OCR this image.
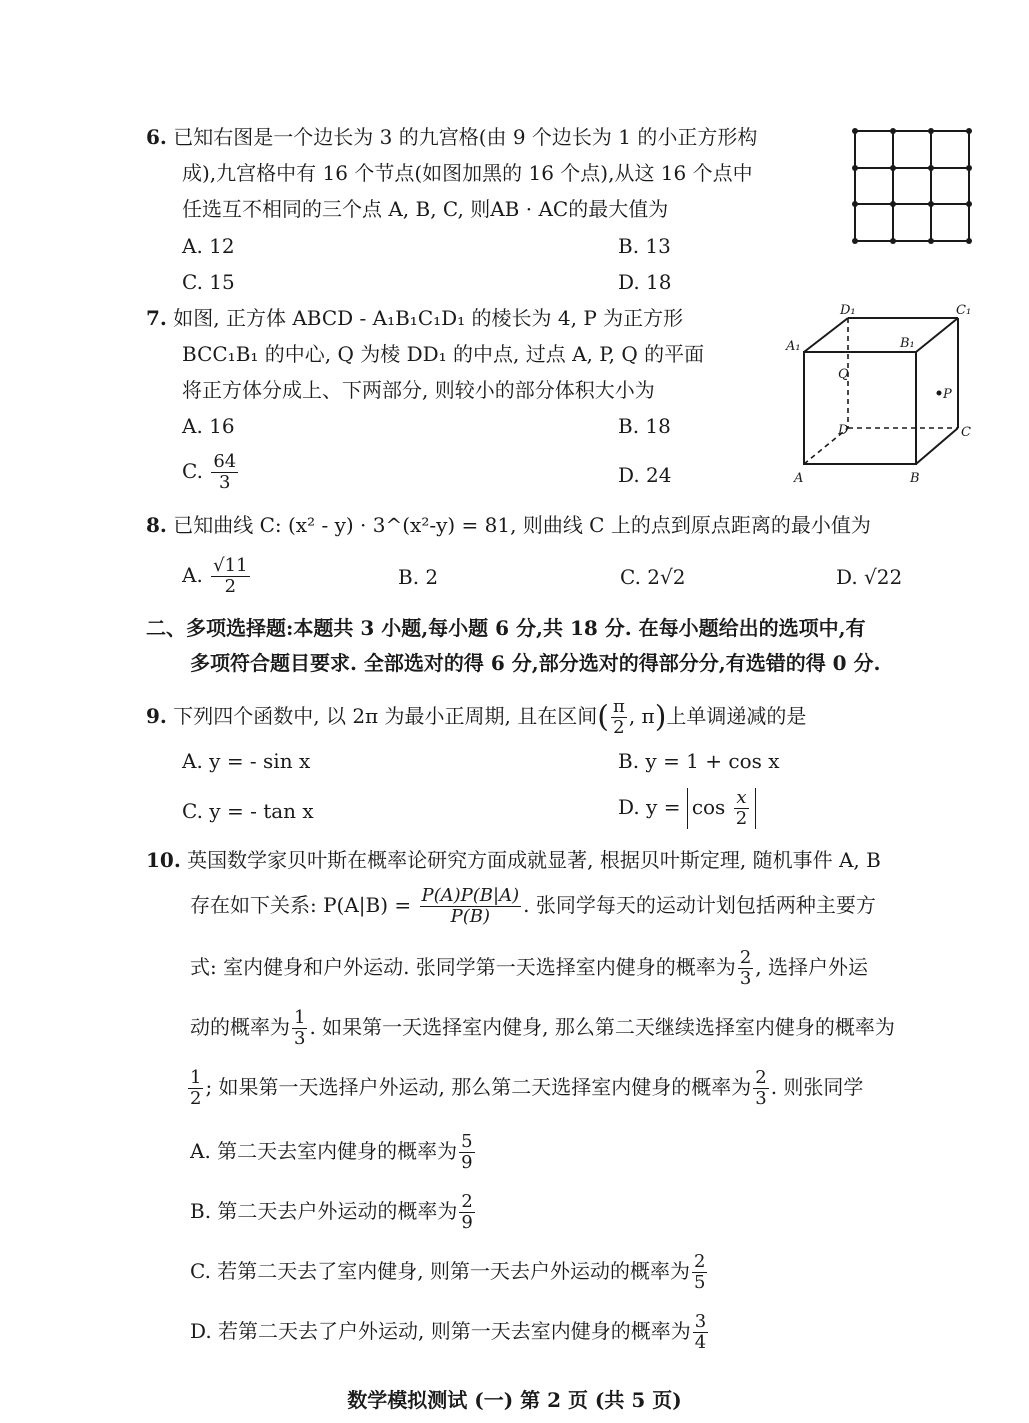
6. 已知右图是一个边长为 3 的九宫格(由 9 个边长为 1 的小正方形构
成),九宫格中有 16 个节点(如图加黑的 16 个点),从这 16 个点中
任选互不相同的三个点 A, B, C, 则AB · AC的最大值为
A. 12	B. 13
C. 15	D. 18
7. 如图, 正方体 ABCD - A₁B₁C₁D₁ 的棱长为 4, P 为正方形
BCC₁B₁ 的中心, Q 为棱 DD₁ 的中点, 过点 A, P, Q 的平面
将正方体分成上、下两部分, 则较小的部分体积大小为
A. 16	B. 18
C. $\frac{64}{3}$	D. 24
D₁	C₁
A₁	B₁
Q
P
D	C
A	B
8. 已知曲线 C: (x² - y) · 3^(x²-y) = 81, 则曲线 C 上的点到原点距离的最小值为
A. $\frac{√11}{2}$	B. 2	C. 2√2	D. √22
二、多项选择题:本题共 3 小题,每小题 6 分,共 18 分. 在每小题给出的选项中,有
多项符合题目要求. 全部选对的得 6 分,部分选对的得部分分,有选错的得 0 分.
9. 下列四个函数中, 以 2π 为最小正周期, 且在区间( $\frac{\pi}{2}$ , π)上单调递减的是
A. y = - sin x	B. y = 1 + cos x
C. y = - tan x	D. $y = \cos \frac{x}{2}$
10. 英国数学家贝叶斯在概率论研究方面成就显著, 根据贝叶斯定理, 随机事件 A, B
存在如下关系: $P(A|B) = \frac{P(A)P(B|A)}{P(B)}$ . 张同学每天的运动计划包括两种主要方
式: 室内健身和户外运动. 张同学第一天选择室内健身的概率为 $\frac{2}{3}$ , 选择户外运
动的概率为 $\frac{1}{3}$ . 如果第一天选择室内健身, 那么第二天继续选择室内健身的概率为
$\frac{1}{2}$ ; 如果第一天选择户外运动, 那么第二天选择室内健身的概率为 $\frac{2}{3}$ . 则张同学
A. 第二天去室内健身的概率为 $\frac{5}{9}$
B. 第二天去户外运动的概率为 $\frac{2}{9}$
C. 若第二天去了室内健身, 则第一天去户外运动的概率为 $\frac{2}{5}$
D. 若第二天去了户外运动, 则第一天去室内健身的概率为 $\frac{3}{4}$
数学模拟测试 (一) 第 2 页 (共 5 页)
